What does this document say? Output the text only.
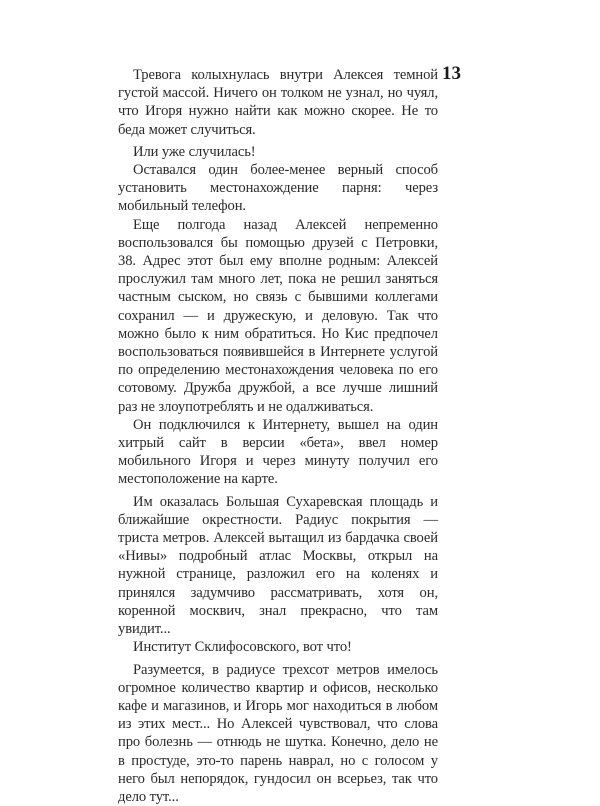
13

Тревога колыхнулась внутри Алексея темной густой массой. Ничего он толком не узнал, но чуял, что Игоря нужно найти как можно скорее. Не то беда может случиться.

Или уже случилась!

Оставался один более-менее верный способ установить местонахождение парня: через мобильный телефон.

Еще полгода назад Алексей непременно воспользовался бы помощью друзей с Петровки, 38. Адрес этот был ему вполне родным: Алексей прослужил там много лет, пока не решил заняться частным сыском, но связь с бывшими коллегами сохранил — и дружескую, и деловую. Так что можно было к ним обратиться. Но Кис предпочел воспользоваться появившейся в Интернете услугой по определению местонахождения человека по его сотовому. Дружба дружбой, а все лучше лишний раз не злоупотреблять и не одалживаться.

Он подключился к Интернету, вышел на один хитрый сайт в версии «бета», ввел номер мобильного Игоря и через минуту получил его местоположение на карте.

Им оказалась Большая Сухаревская площадь и ближайшие окрестности. Радиус покрытия — триста метров. Алексей вытащил из бардачка своей «Нивы» подробный атлас Москвы, открыл на нужной странице, разложил его на коленях и принялся задумчиво рассматривать, хотя он, коренной москвич, знал прекрасно, что там увидит...

Институт Склифосовского, вот что!

Разумеется, в радиусе трехсот метров имелось огромное количество квартир и офисов, несколько кафе и магазинов, и Игорь мог находиться в любом из этих мест... Но Алексей чувствовал, что слова про болезнь — отнюдь не шутка. Конечно, дело не в простуде, это-то парень наврал, но с голосом у него был непорядок, гундосил он всерьез, так что дело тут...
